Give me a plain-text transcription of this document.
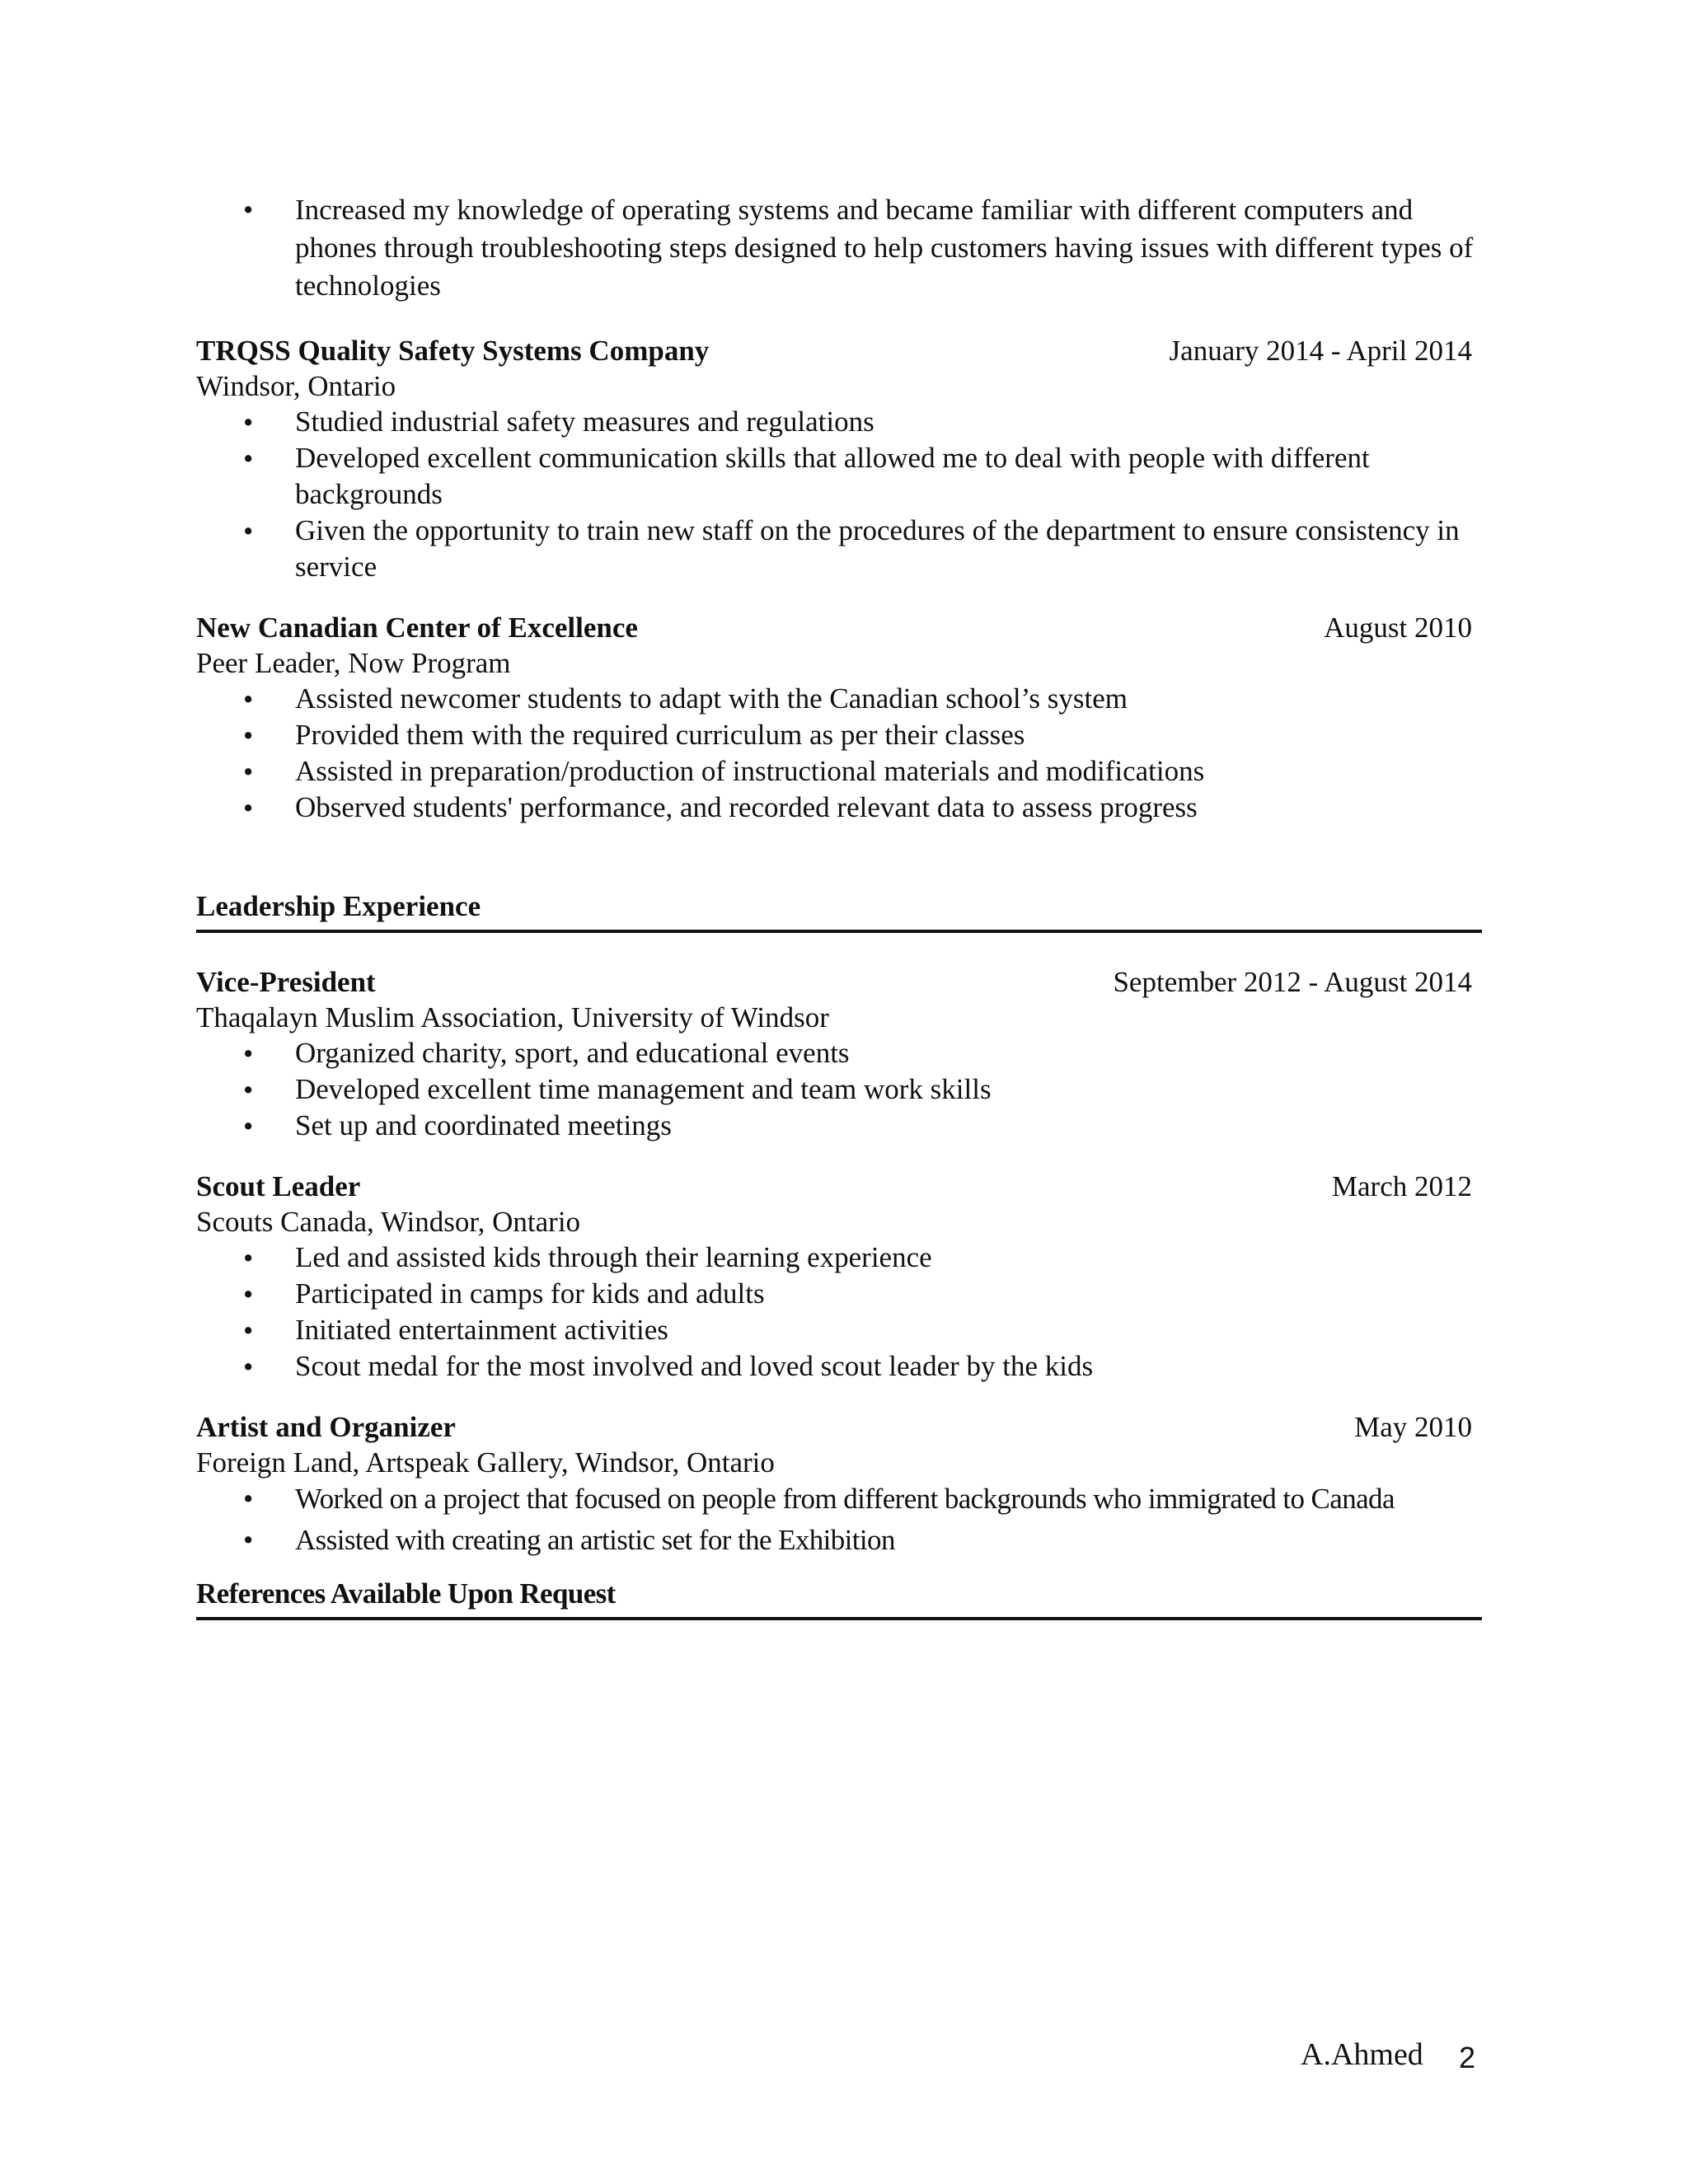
• Increased my knowledge of operating systems and became familiar with different computers and phones through troubleshooting steps designed to help customers having issues with different types of technologies
TRQSS Quality Safety Systems Company	January 2014 - April 2014
Windsor, Ontario
• Studied industrial safety measures and regulations
• Developed excellent communication skills that allowed me to deal with people with different backgrounds
• Given the opportunity to train new staff on the procedures of the department to ensure consistency in service
New Canadian Center of Excellence	August 2010
Peer Leader, Now Program
• Assisted newcomer students to adapt with the Canadian school’s system
• Provided them with the required curriculum as per their classes
• Assisted in preparation/production of instructional materials and modifications
• Observed students' performance, and recorded relevant data to assess progress
Leadership Experience
Vice-President	September 2012 - August 2014
Thaqalayn Muslim Association, University of Windsor
• Organized charity, sport, and educational events
• Developed excellent time management and team work skills
• Set up and coordinated meetings
Scout Leader	March 2012
Scouts Canada, Windsor, Ontario
• Led and assisted kids through their learning experience
• Participated in camps for kids and adults
• Initiated entertainment activities
• Scout medal for the most involved and loved scout leader by the kids
Artist and Organizer	May 2010
Foreign Land, Artspeak Gallery, Windsor, Ontario
• Worked on a project that focused on people from different backgrounds who immigrated to Canada
• Assisted with creating an artistic set for the Exhibition
References Available Upon Request
A.Ahmed 2
